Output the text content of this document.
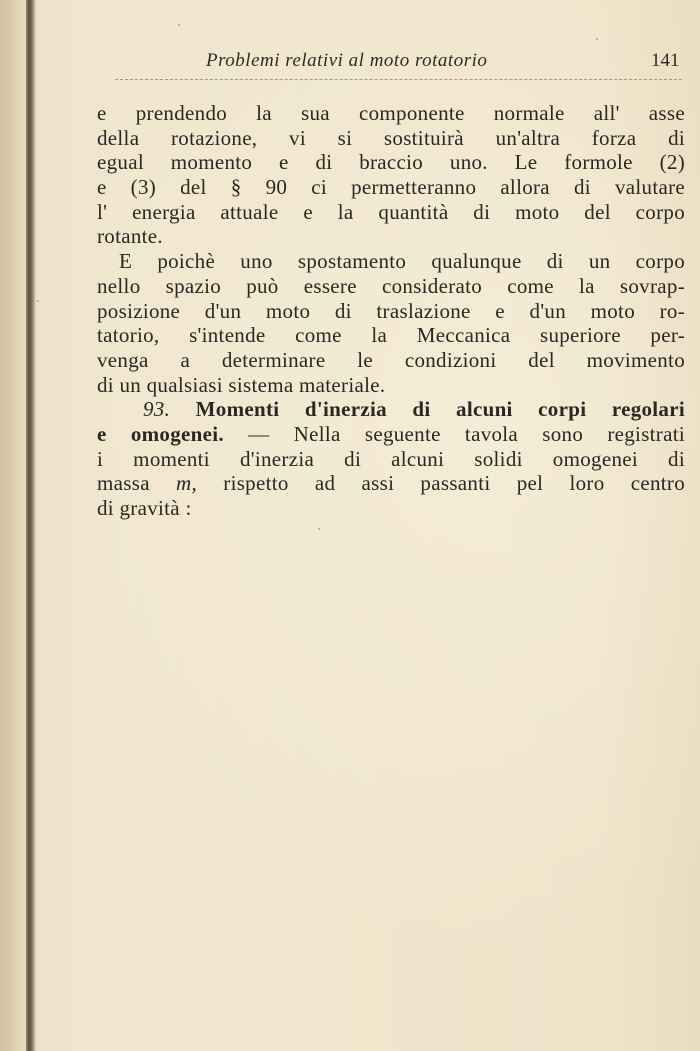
Problemi relativi al moto rotatorio	141
e prendendo la sua componente normale all' asse
della rotazione, vi si sostituirà un'altra forza di
egual momento e di braccio uno. Le formole (2)
e (3) del § 90 ci permetteranno allora di valutare
l' energia attuale e la quantità di moto del corpo
rotante.
E poichè uno spostamento qualunque di un corpo
nello spazio può essere considerato come la sovrap-
posizione d'un moto di traslazione e d'un moto ro-
tatorio, s'intende come la Meccanica superiore per-
venga a determinare le condizioni del movimento
di un qualsiasi sistema materiale.
93. Momenti d'inerzia di alcuni corpi regolari
e omogenei. — Nella seguente tavola sono registrati
i momenti d'inerzia di alcuni solidi omogenei di
massa m, rispetto ad assi passanti pel loro centro
di gravità :
